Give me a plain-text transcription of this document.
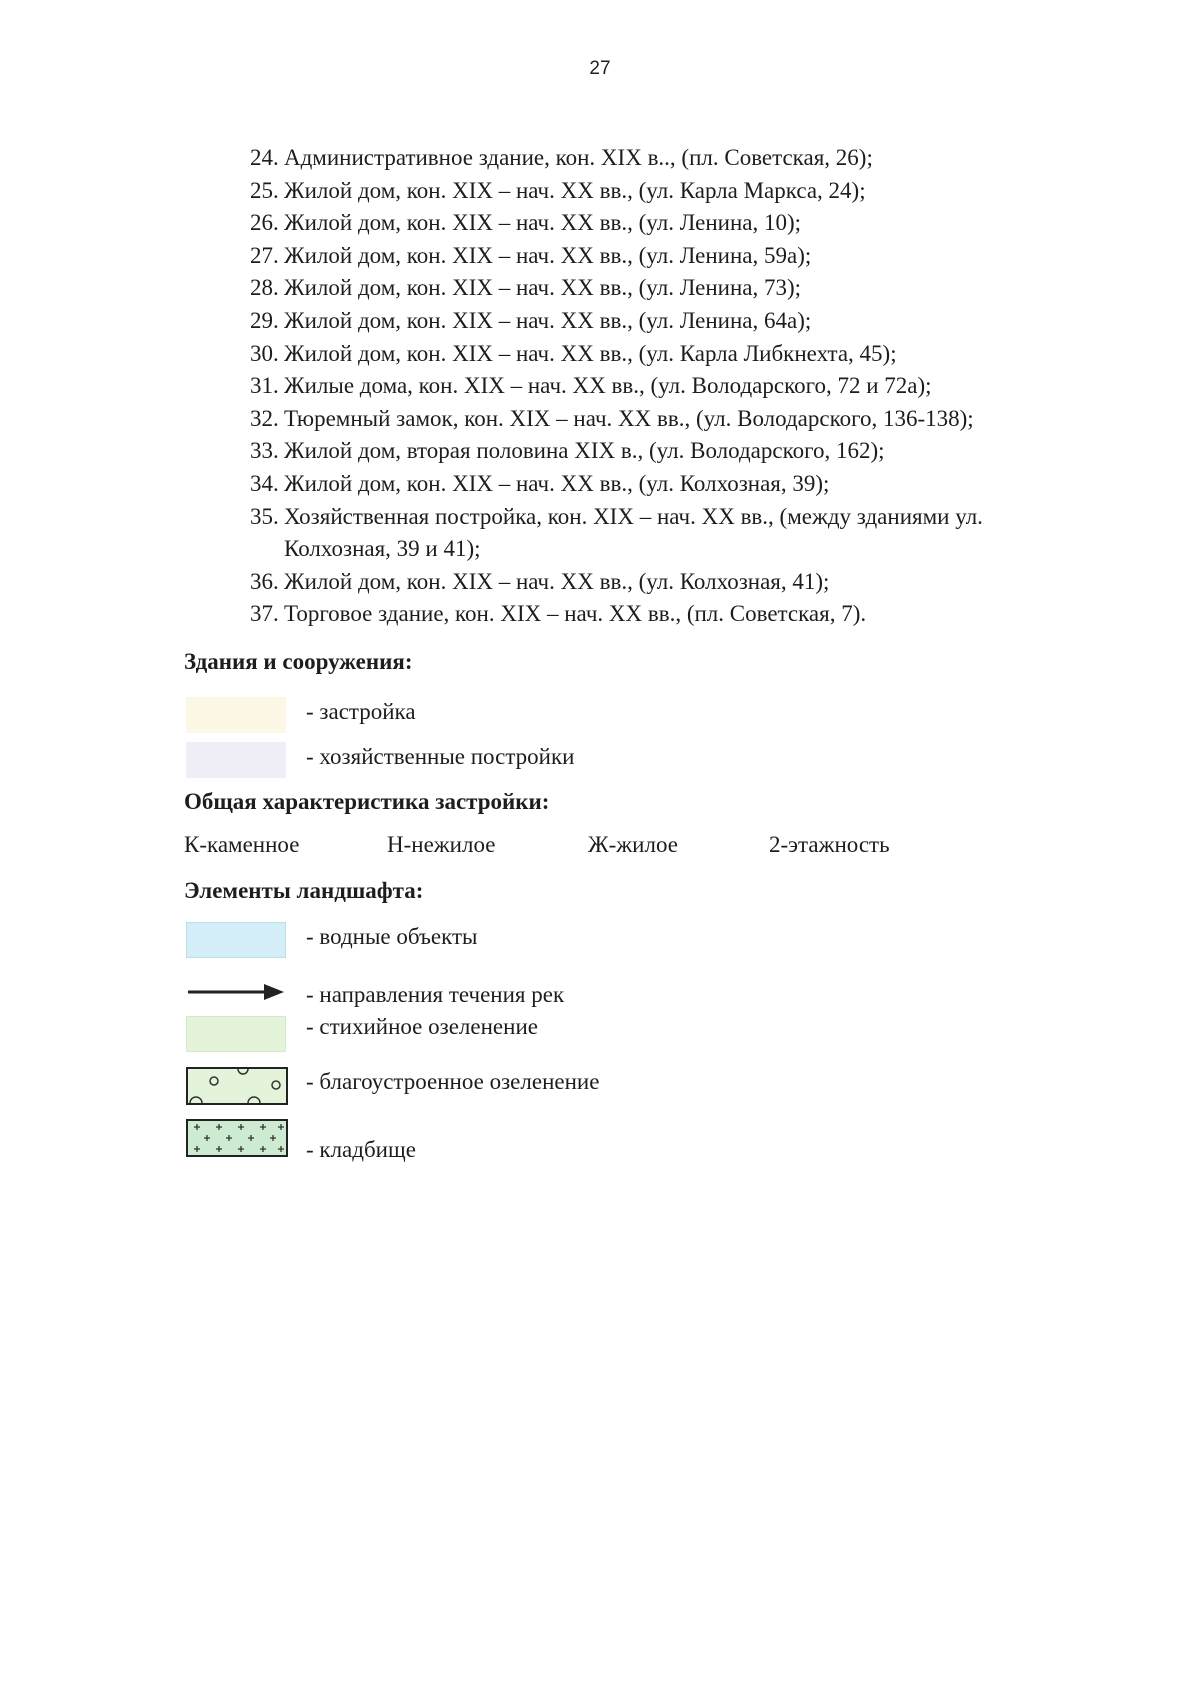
27
24. Административное здание, кон. XIX в.., (пл. Советская, 26);
25. Жилой дом, кон. XIX – нач. XX вв., (ул. Карла Маркса, 24);
26. Жилой дом, кон. XIX – нач. XX вв., (ул. Ленина, 10);
27. Жилой дом, кон. XIX – нач. XX вв., (ул. Ленина, 59а);
28. Жилой дом, кон. XIX – нач. XX вв., (ул. Ленина, 73);
29. Жилой дом, кон. XIX – нач. XX вв., (ул. Ленина, 64а);
30. Жилой дом, кон. XIX – нач. XX вв., (ул. Карла Либкнехта, 45);
31. Жилые дома, кон. XIX – нач. XX вв., (ул. Володарского, 72 и 72а);
32. Тюремный замок, кон. XIX – нач. XX вв., (ул. Володарского, 136-138);
33. Жилой дом, вторая половина XIX в., (ул. Володарского, 162);
34. Жилой дом, кон. XIX – нач. XX вв., (ул. Колхозная, 39);
35. Хозяйственная постройка, кон. XIX – нач. XX вв., (между зданиями ул. Колхозная, 39 и 41);
36. Жилой дом, кон. XIX – нач. XX вв., (ул. Колхозная, 41);
37. Торговое здание, кон. XIX – нач. XX вв., (пл. Советская, 7).
Здания и сооружения:
- застройка
- хозяйственные постройки
Общая характеристика застройки:
К-каменное	Н-нежилое	Ж-жилое	2-этажность
Элементы ландшафта:
- водные объекты
- направления течения рек
- стихийное озеленение
- благоустроенное озеленение
- кладбище
